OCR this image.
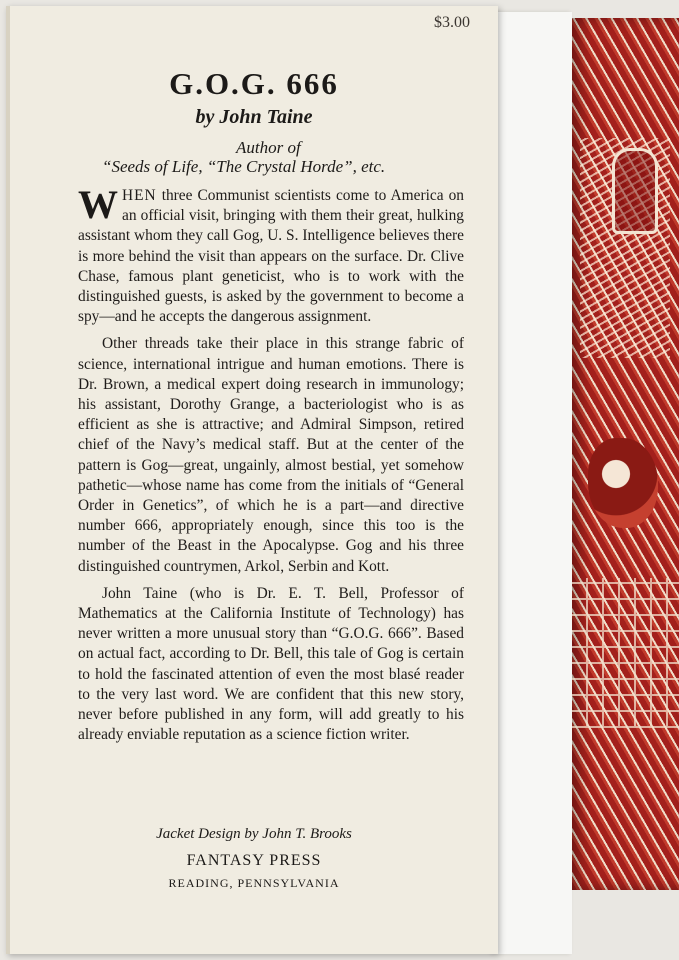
$3.00
G.O.G. 666
by John Taine
Author of
“Seeds of Life, “The Crystal Horde”, etc.

WHEN three Communist scientists come to America on an official visit, bringing with them their great, hulking assistant whom they call Gog, U. S. Intelligence believes there is more behind the visit than appears on the surface. Dr. Clive Chase, famous plant geneticist, who is to work with the distinguished guests, is asked by the government to become a spy—and he accepts the dangerous assignment.

Other threads take their place in this strange fabric of science, international intrigue and human emotions. There is Dr. Brown, a medical expert doing research in immunology; his assistant, Dorothy Grange, a bacteriologist who is as efficient as she is attractive; and Admiral Simpson, retired chief of the Navy’s medical staff. But at the center of the pattern is Gog—great, ungainly, almost bestial, yet somehow pathetic—whose name has come from the initials of “General Order in Genetics”, of which he is a part—and directive number 666, appropriately enough, since this too is the number of the Beast in the Apocalypse. Gog and his three distinguished countrymen, Arkol, Serbin and Kott.

John Taine (who is Dr. E. T. Bell, Professor of Mathematics at the California Institute of Technology) has never written a more unusual story than “G.O.G. 666”. Based on actual fact, according to Dr. Bell, this tale of Gog is certain to hold the fascinated attention of even the most blasé reader to the very last word. We are confident that this new story, never before published in any form, will add greatly to his already enviable reputation as a science fiction writer.

Jacket Design by John T. Brooks
FANTASY PRESS
READING, PENNSYLVANIA
